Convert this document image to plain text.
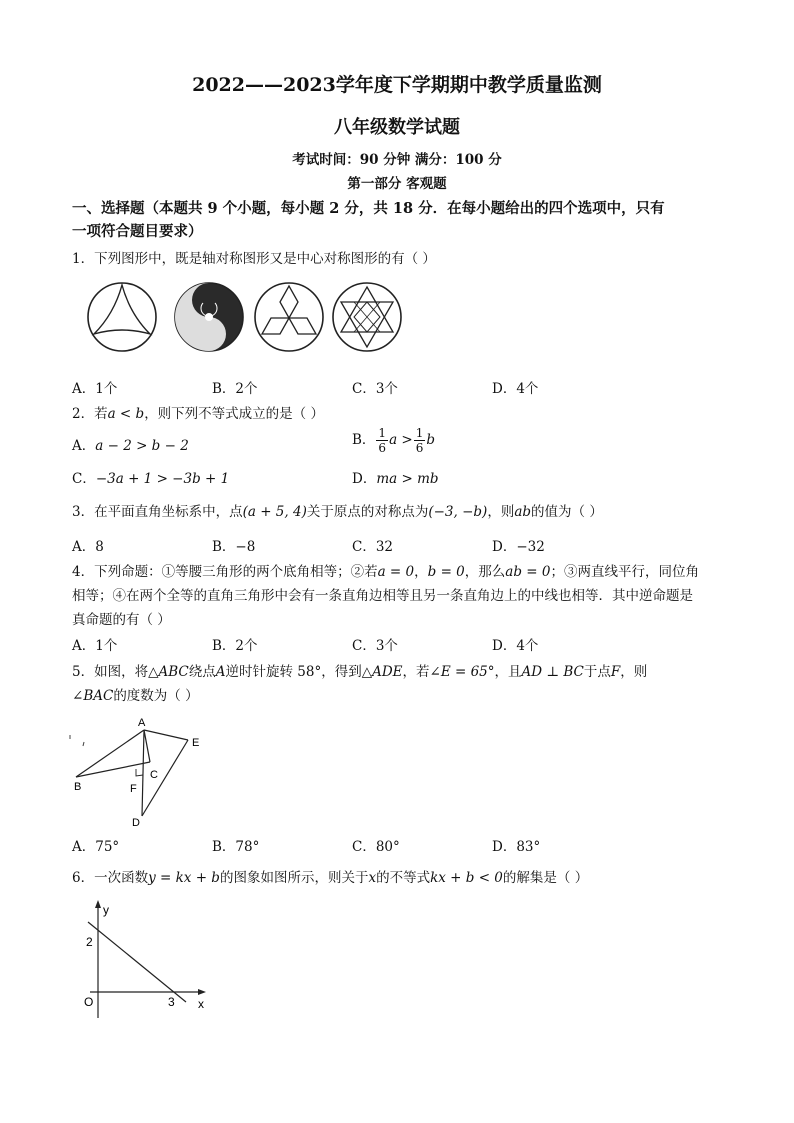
2022——2023学年度下学期期中教学质量监测
八年级数学试题
考试时间：90 分钟 满分：100 分
第一部分 客观题
一、选择题（本题共 9 个小题，每小题 2 分，共 18 分．在每小题给出的四个选项中，只有
一项符合题目要求）
1．下列图形中，既是轴对称图形又是中心对称图形的有（ ）
A．1个	B．2个	C．3个	D．4个
2．若a < b，则下列不等式成立的是（ ）
A．a − 2 > b − 2	B． $\frac{1}{6}$ $a > \frac{1}{6}$ b
C．−3a + 1 > −3b + 1	D．ma > mb
3．在平面直角坐标系中，点(a + 5, 4)关于原点的对称点为(−3, −b)，则ab的值为（ ）
A．8	B．−8	C．32	D．−32
4．下列命题：①等腰三角形的两个底角相等；②若a = 0，b = 0，那么ab = 0；③两直线平行，同位角
相等；④在两个全等的直角三角形中会有一条直角边相等且另一条直角边上的中线也相等．其中逆命题是
真命题的有（ ）
A．1个	B．2个	C．3个	D．4个
5．如图，将△ABC绕点A逆时针旋转 58°，得到△ADE，若∠E = 65°，且AD ⊥ BC于点F，则
∠BAC的度数为（ ）
A
B
C
D
E
F
A．75°	B．78°	C．80°	D．83°
6．一次函数y = kx + b的图象如图所示，则关于x的不等式kx + b < 0的解集是（ ）
y
x
O
2
3
